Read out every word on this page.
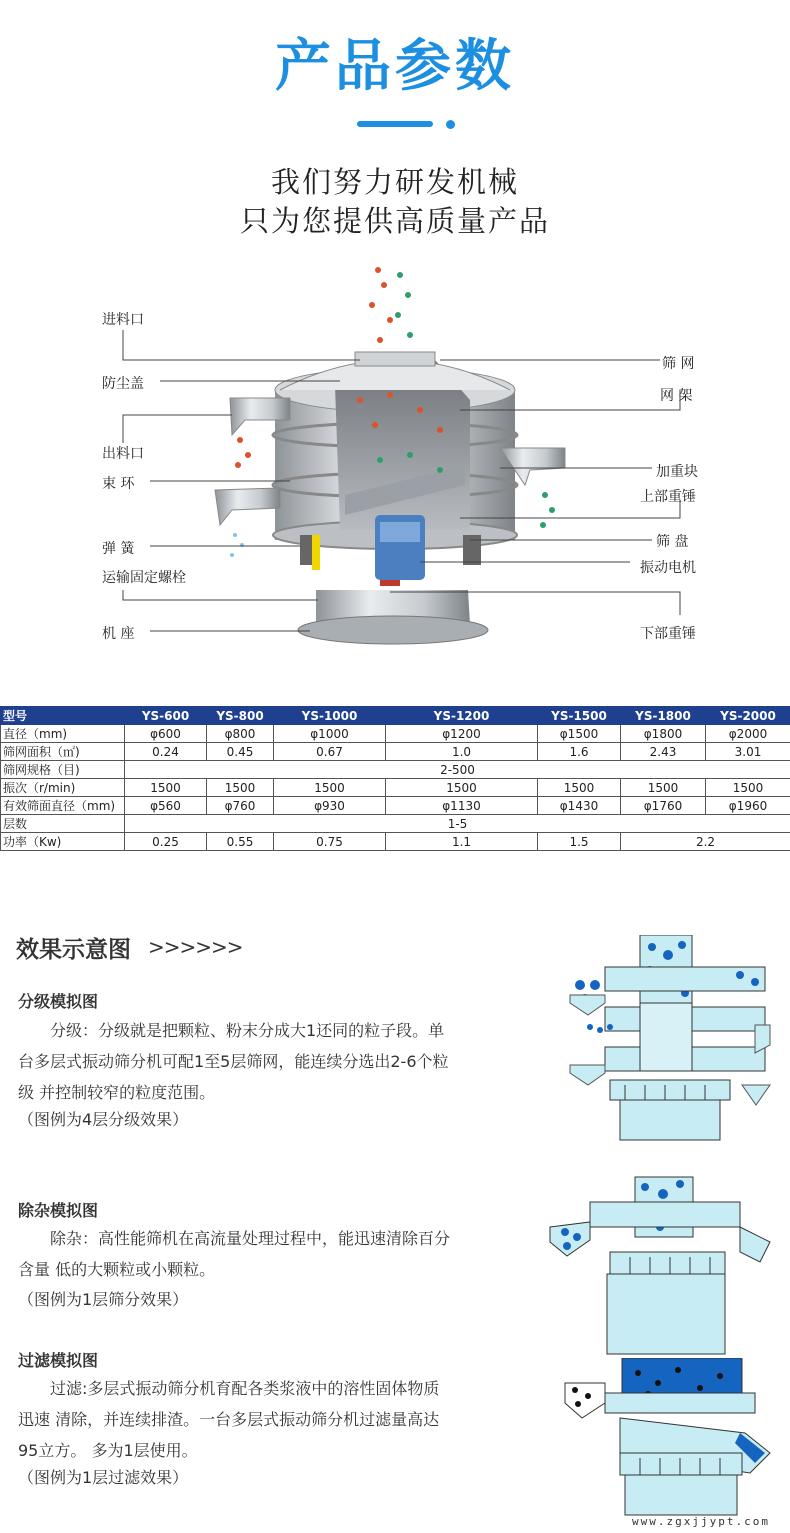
产品参数
我们努力研发机械
只为您提供高质量产品
进料口
防尘盖
出料口
束 环
弹 簧
运输固定螺栓
机 座
筛 网
网 架
加重块
上部重锤
筛 盘
振动电机
下部重锤
型号	YS-600	YS-800	YS-1000	YS-1200	YS-1500	YS-1800	YS-2000
直径（mm)	φ600	φ800	φ1000	φ1200	φ1500	φ1800	φ2000
筛网面积（㎡)	0.24	0.45	0.67	1.0	1.6	2.43	3.01
筛网规格（目)	2-500						
振次（r/min)	1500	1500	1500	1500	1500	1500	1500
有效筛面直径（mm)	φ560	φ760	φ930	φ1130	φ1430	φ1760	φ1960
层数	1-5						
功率（Kw)	0.25	0.55	0.75	1.1	1.5	2.2	
效果示意图 >>>>>>
分级模拟图
分级：分级就是把颗粒、粉末分成大1还同的粒子段。单
台多层式振动筛分机可配1至5层筛网，能连续分选出2-6个粒
级 并控制较窄的粒度范围。
（图例为4层分级效果）
除杂模拟图
除杂：高性能筛机在高流量处理过程中，能迅速清除百分
含量 低的大颗粒或小颗粒。
（图例为1层筛分效果）
过滤模拟图
过滤:多层式振动筛分机育配各类浆液中的溶性固体物质
迅速 清除，并连续排渣。一台多层式振动筛分机过滤量高达
95立方。 多为1层使用。
（图例为1层过滤效果）
www.zgxjjypt.com
